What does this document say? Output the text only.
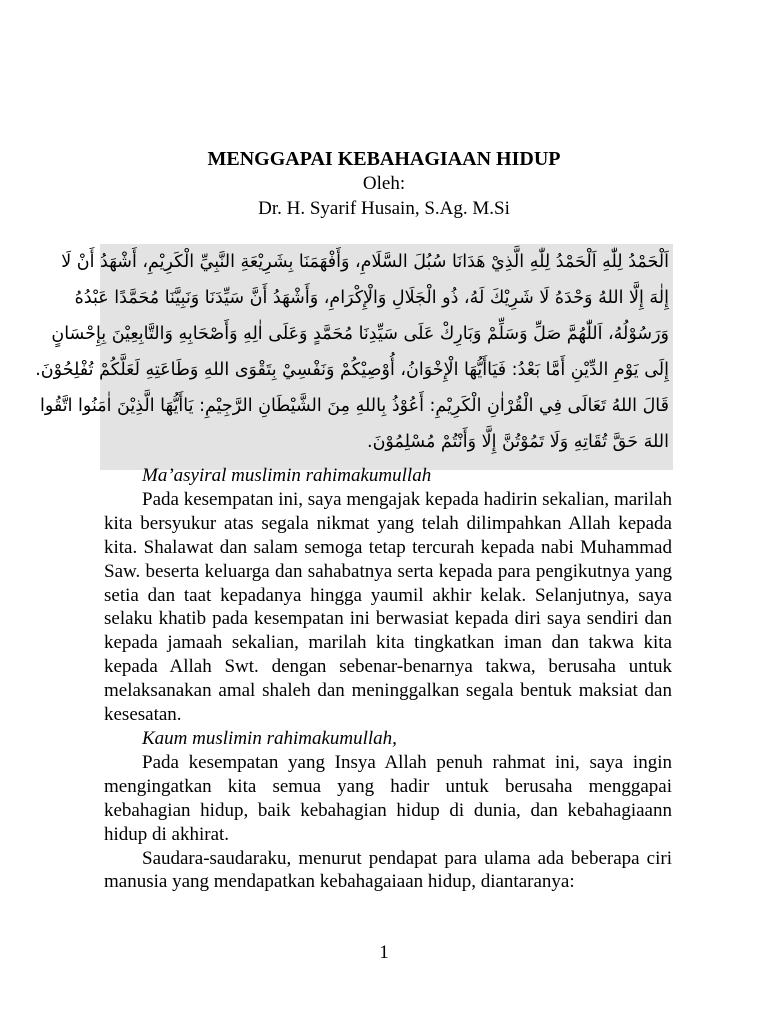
MENGGAPAI KEBAHAGIAAN HIDUP

Oleh:

Dr. H. Syarif Husain, S.Ag. M.Si

اَلْحَمْدُ لِلّٰهِ اَلْحَمْدُ لِلّٰهِ الَّذِيْ هَدَانَا سُبُلَ السَّلَامِ، وَأَفْهَمَنَا بِشَرِيْعَةِ النَّبِيِّ الْكَرِيْمِ، أَشْهَدُ أَنْ لَا
إِلٰهَ إِلَّا اللهُ وَحْدَهُ لَا شَرِيْكَ لَهُ، ذُو الْجَلَالِ وَالْإِكْرَامِ، وَأَشْهَدُ أَنَّ سَيِّدَنَا وَنَبِيَّنَا مُحَمَّدًا عَبْدُهُ
وَرَسُوْلُهُ، اَللّٰهُمَّ صَلِّ وَسَلِّمْ وَبَارِكْ عَلَى سَيِّدِنَا مُحَمَّدٍ وَعَلَى اٰلِهِ وَأَصْحَابِهِ وَالتَّابِعِيْنَ بِإِحْسَانٍ
إِلَى يَوْمِ الدِّيْنِ أَمَّا بَعْدُ: فَيَاأَيُّهَا الْإِخْوَانُ، أُوْصِيْكُمْ وَنَفْسِيْ بِتَقْوَى اللهِ وَطَاعَتِهِ لَعَلَّكُمْ تُفْلِحُوْنَ.
قَالَ اللهُ تَعَالَى فِي الْقُرْاٰنِ الْكَرِيْمِ: أَعُوْذُ بِاللهِ مِنَ الشَّيْطَانِ الرَّجِيْمِ: يَاأَيُّهَا الَّذِيْنَ اٰمَنُوا اتَّقُوا
اللهَ حَقَّ تُقَاتِهِ وَلَا تَمُوْتُنَّ إِلَّا وَأَنْتُمْ مُسْلِمُوْنَ.

Ma’asyiral muslimin rahimakumullah

Pada kesempatan ini, saya mengajak kepada hadirin sekalian, marilah kita bersyukur atas segala nikmat yang telah dilimpahkan Allah kepada kita. Shalawat dan salam semoga tetap tercurah kepada nabi Muhammad Saw. beserta keluarga dan sahabatnya serta kepada para pengikutnya yang setia dan taat kepadanya hingga yaumil akhir kelak. Selanjutnya, saya selaku khatib pada kesempatan ini berwasiat kepada diri saya sendiri dan kepada jamaah sekalian, marilah kita tingkatkan iman dan takwa kita kepada Allah Swt. dengan sebenar-benarnya takwa, berusaha untuk melaksanakan amal shaleh dan meninggalkan segala bentuk maksiat dan kesesatan.

Kaum muslimin rahimakumullah,

Pada kesempatan yang Insya Allah penuh rahmat ini, saya ingin mengingatkan kita semua yang hadir untuk berusaha menggapai kebahagian hidup, baik kebahagian hidup di dunia, dan kebahagiaann hidup di akhirat.

Saudara-saudaraku, menurut pendapat para ulama ada beberapa ciri manusia yang mendapatkan kebahagaiaan hidup, diantaranya:

1
